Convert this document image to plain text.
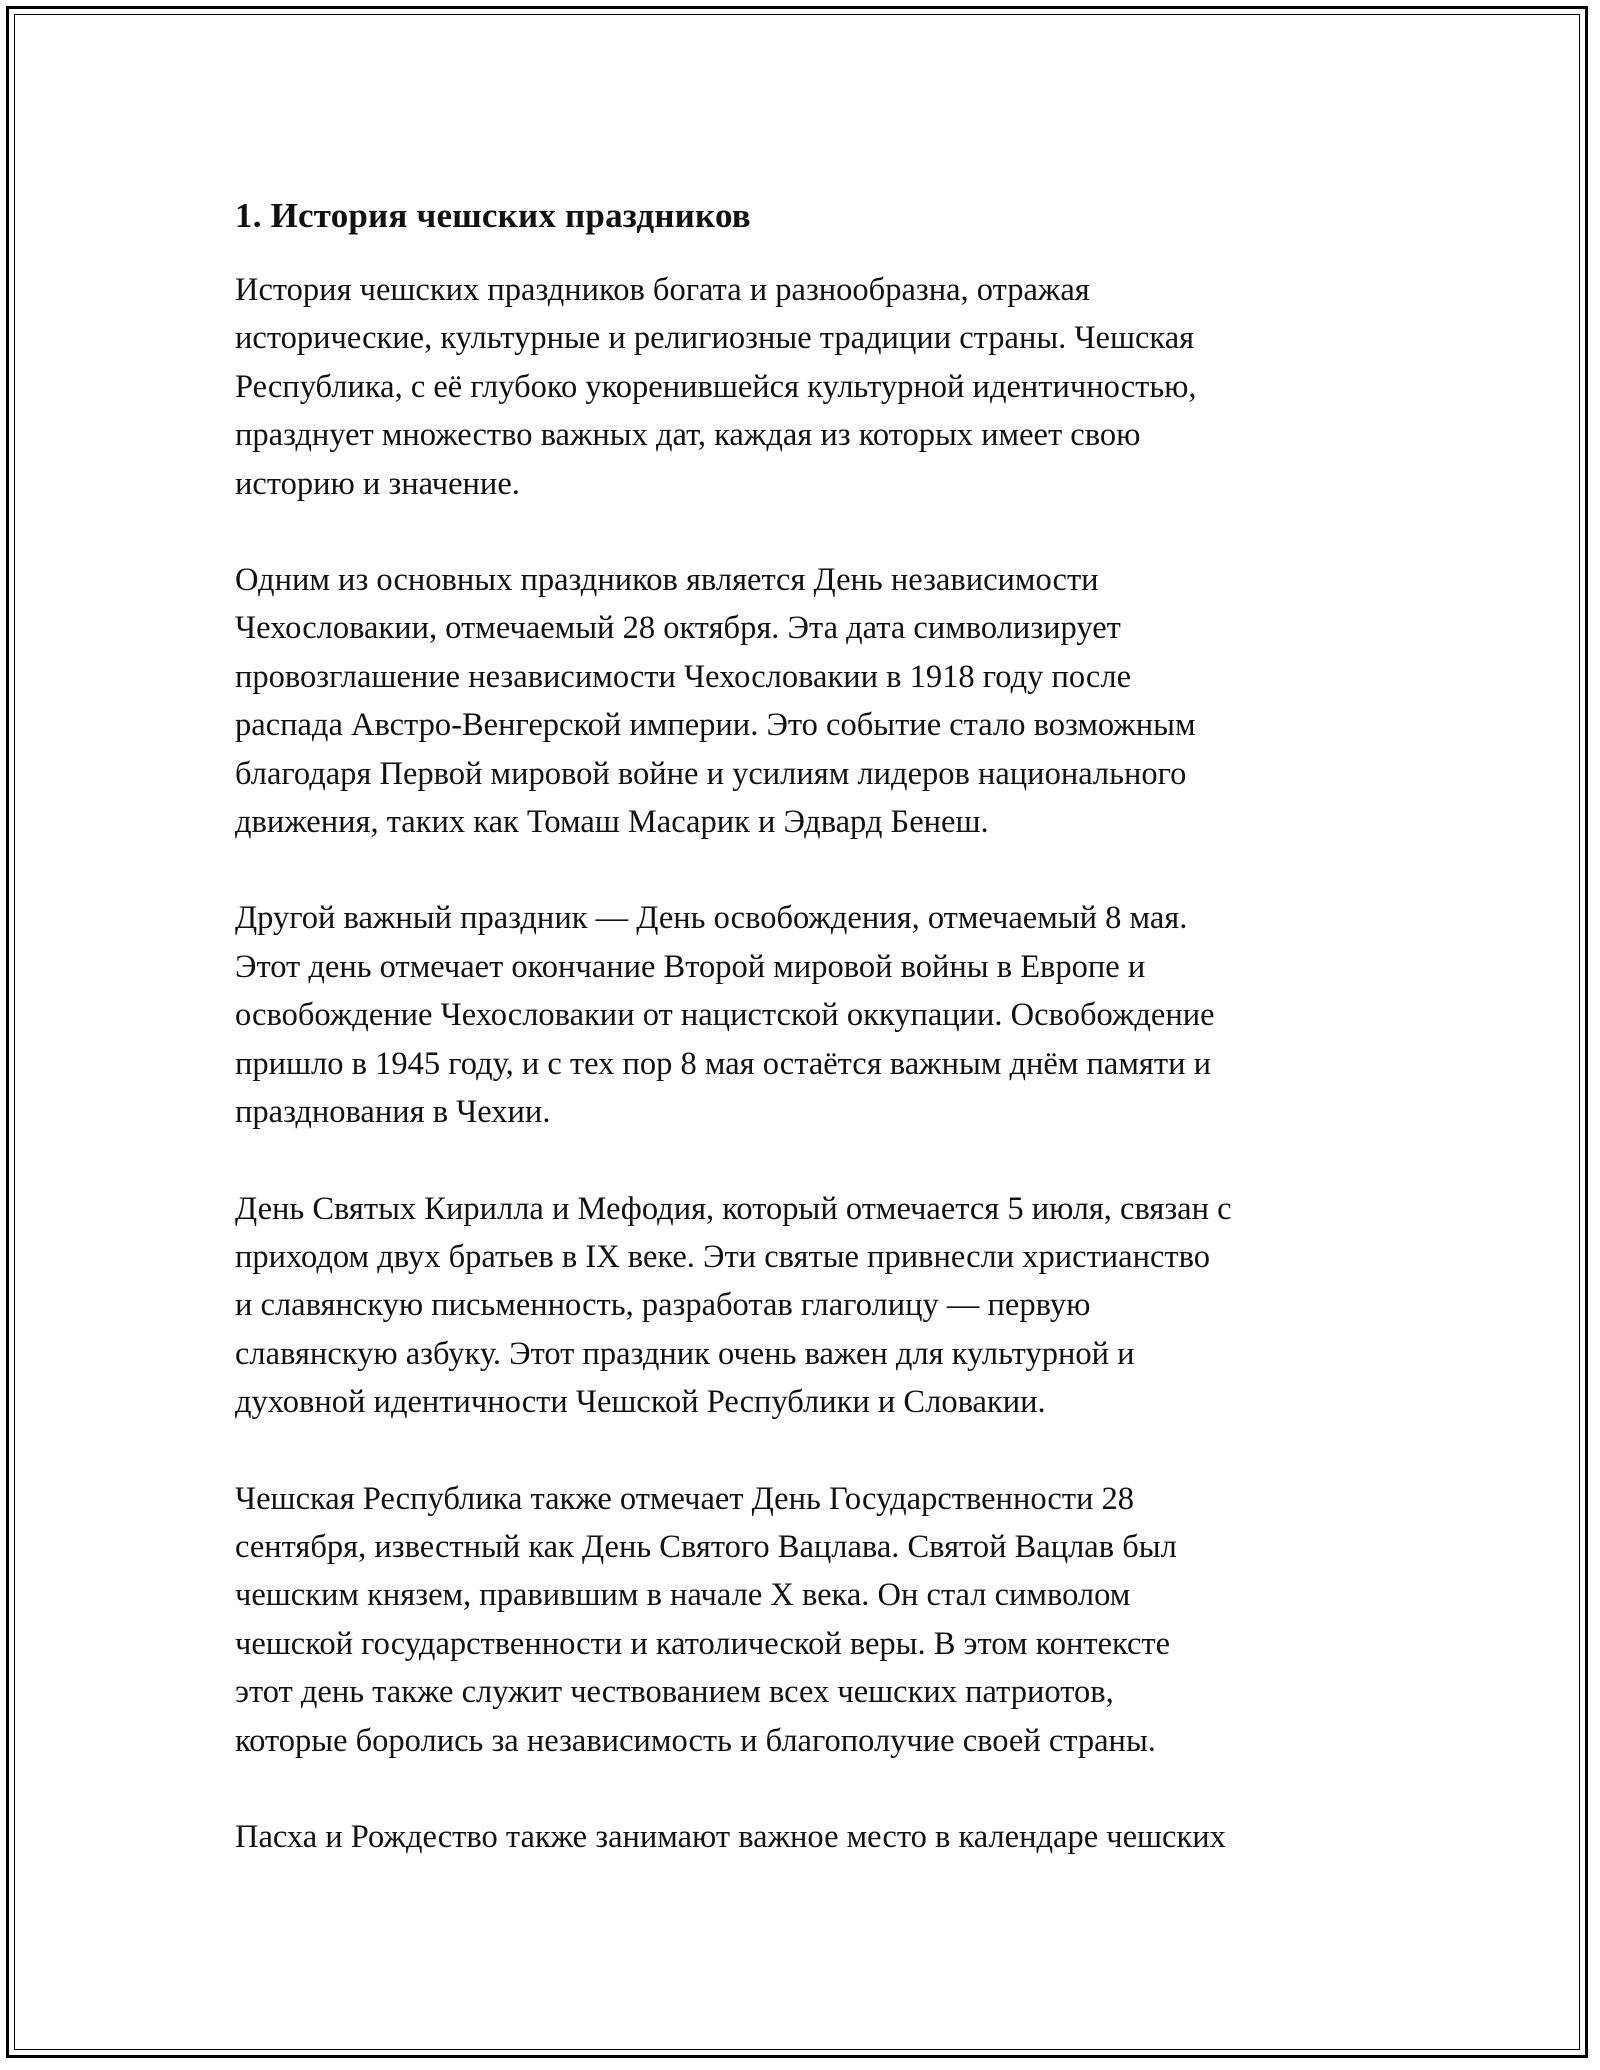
1. История чешских праздников

История чешских праздников богата и разнообразна, отражая
исторические, культурные и религиозные традиции страны. Чешская
Республика, с её глубоко укоренившейся культурной идентичностью,
празднует множество важных дат, каждая из которых имеет свою
историю и значение.

Одним из основных праздников является День независимости
Чехословакии, отмечаемый 28 октября. Эта дата символизирует
провозглашение независимости Чехословакии в 1918 году после
распада Австро-Венгерской империи. Это событие стало возможным
благодаря Первой мировой войне и усилиям лидеров национального
движения, таких как Томаш Масарик и Эдвард Бенеш.

Другой важный праздник — День освобождения, отмечаемый 8 мая.
Этот день отмечает окончание Второй мировой войны в Европе и
освобождение Чехословакии от нацистской оккупации. Освобождение
пришло в 1945 году, и с тех пор 8 мая остаётся важным днём памяти и
празднования в Чехии.

День Святых Кирилла и Мефодия, который отмечается 5 июля, связан с
приходом двух братьев в IX веке. Эти святые привнесли христианство
и славянскую письменность, разработав глаголицу — первую
славянскую азбуку. Этот праздник очень важен для культурной и
духовной идентичности Чешской Республики и Словакии.

Чешская Республика также отмечает День Государственности 28
сентября, известный как День Святого Вацлава. Святой Вацлав был
чешским князем, правившим в начале X века. Он стал символом
чешской государственности и католической веры. В этом контексте
этот день также служит чествованием всех чешских патриотов,
которые боролись за независимость и благополучие своей страны.

Пасха и Рождество также занимают важное место в календаре чешских
